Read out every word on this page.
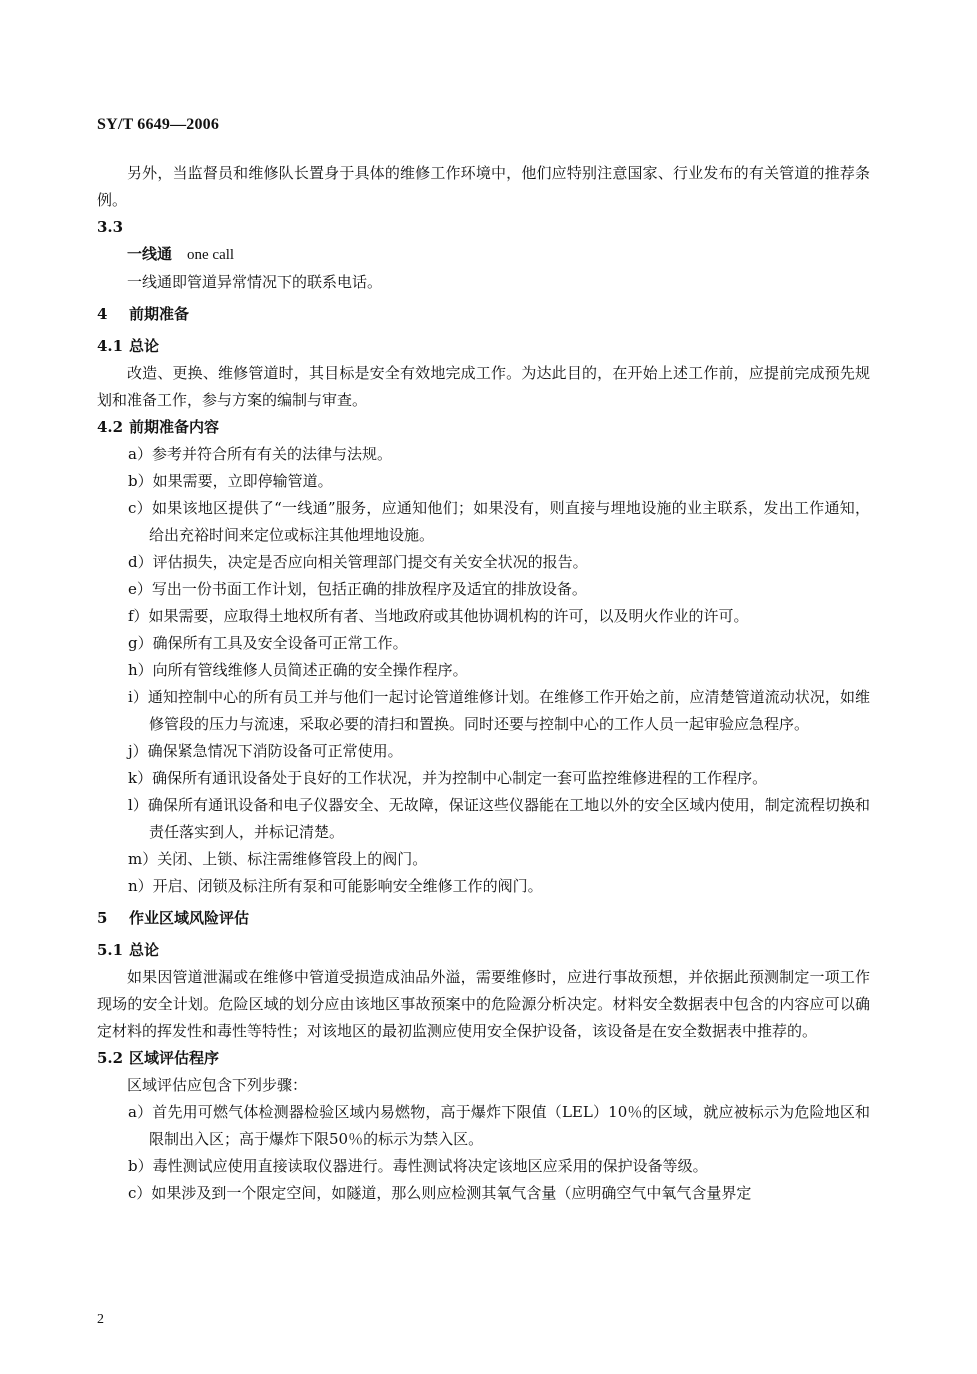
SY/T 6649—2006

另外，当监督员和维修队长置身于具体的维修工作环境中，他们应特别注意国家、行业发布的有关管道的推荐条例。

3.3

一线通 one call

一线通即管道异常情况下的联系电话。

4 前期准备

4.1 总论

改造、更换、维修管道时，其目标是安全有效地完成工作。为达此目的，在开始上述工作前，应提前完成预先规划和准备工作，参与方案的编制与审查。

4.2 前期准备内容

a）参考并符合所有有关的法律与法规。

b）如果需要，立即停输管道。

c）如果该地区提供了“一线通”服务，应通知他们；如果没有，则直接与埋地设施的业主联系，发出工作通知，给出充裕时间来定位或标注其他埋地设施。

d）评估损失，决定是否应向相关管理部门提交有关安全状况的报告。

e）写出一份书面工作计划，包括正确的排放程序及适宜的排放设备。

f）如果需要，应取得土地权所有者、当地政府或其他协调机构的许可，以及明火作业的许可。

g）确保所有工具及安全设备可正常工作。

h）向所有管线维修人员简述正确的安全操作程序。

i）通知控制中心的所有员工并与他们一起讨论管道维修计划。在维修工作开始之前，应清楚管道流动状况，如维修管段的压力与流速，采取必要的清扫和置换。同时还要与控制中心的工作人员一起审验应急程序。

j）确保紧急情况下消防设备可正常使用。

k）确保所有通讯设备处于良好的工作状况，并为控制中心制定一套可监控维修进程的工作程序。

l）确保所有通讯设备和电子仪器安全、无故障，保证这些仪器能在工地以外的安全区域内使用，制定流程切换和责任落实到人，并标记清楚。

m）关闭、上锁、标注需维修管段上的阀门。

n）开启、闭锁及标注所有泵和可能影响安全维修工作的阀门。

5 作业区域风险评估

5.1 总论

如果因管道泄漏或在维修中管道受损造成油品外溢，需要维修时，应进行事故预想，并依据此预测制定一项工作现场的安全计划。危险区域的划分应由该地区事故预案中的危险源分析决定。材料安全数据表中包含的内容应可以确定材料的挥发性和毒性等特性；对该地区的最初监测应使用安全保护设备，该设备是在安全数据表中推荐的。

5.2 区域评估程序

区域评估应包含下列步骤：

a）首先用可燃气体检测器检验区域内易燃物，高于爆炸下限值（LEL）10％的区域，就应被标示为危险地区和限制出入区；高于爆炸下限50％的标示为禁入区。

b）毒性测试应使用直接读取仪器进行。毒性测试将决定该地区应采用的保护设备等级。

c）如果涉及到一个限定空间，如隧道，那么则应检测其氧气含量（应明确空气中氧气含量界定

2
